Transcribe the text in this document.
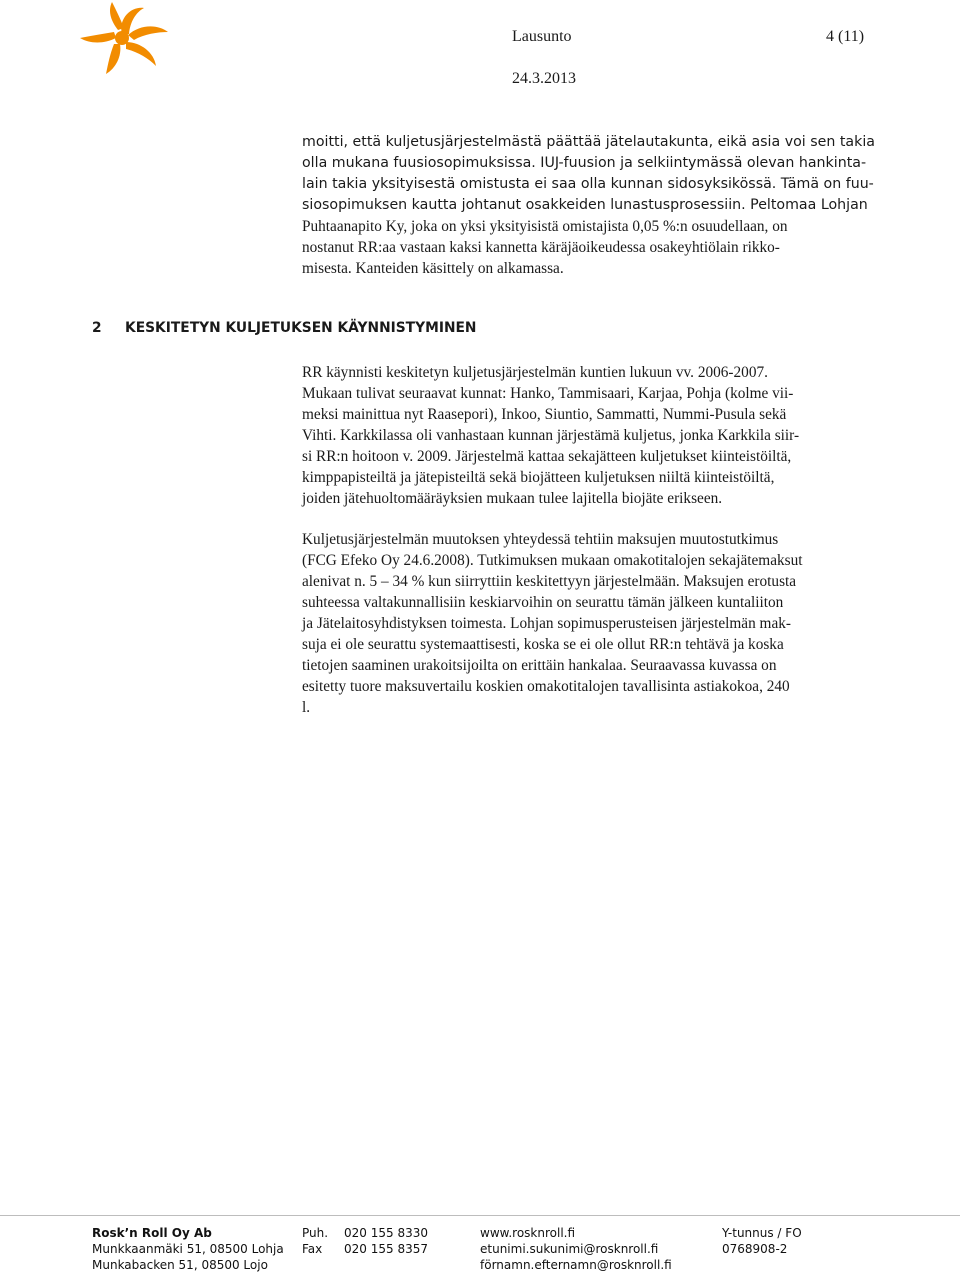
Lausunto	4 (11)
24.3.2013
moitti, että kuljetusjärjestelmästä päättää jätelautakunta, eikä asia voi sen takia
olla mukana fuusiosopimuksissa. IUJ-fuusion ja selkiintymässä olevan hankinta-
lain takia yksityisestä omistusta ei saa olla kunnan sidosyksikössä. Tämä on fuu-
siosopimuksen kautta johtanut osakkeiden lunastusprosessiin. Peltomaa Lohjan
Puhtaanapito Ky, joka on yksi yksityisistä omistajista 0,05 %:n osuudellaan, on
nostanut RR:aa vastaan kaksi kannetta käräjäoikeudessa osakeyhtiölain rikko-
misesta. Kanteiden käsittely on alkamassa.
2 KESKITETYN KULJETUKSEN KÄYNNISTYMINEN
RR käynnisti keskitetyn kuljetusjärjestelmän kuntien lukuun vv. 2006-2007.
Mukaan tulivat seuraavat kunnat: Hanko, Tammisaari, Karjaa, Pohja (kolme vii-
meksi mainittua nyt Raasepori), Inkoo, Siuntio, Sammatti, Nummi-Pusula sekä
Vihti. Karkkilassa oli vanhastaan kunnan järjestämä kuljetus, jonka Karkkila siir-
si RR:n hoitoon v. 2009. Järjestelmä kattaa sekajätteen kuljetukset kiinteistöiltä,
kimppapisteiltä ja jätepisteiltä sekä biojätteen kuljetuksen niiltä kiinteistöiltä,
joiden jätehuoltomääräyksien mukaan tulee lajitella biojäte erikseen.
Kuljetusjärjestelmän muutoksen yhteydessä tehtiin maksujen muutostutkimus
(FCG Efeko Oy 24.6.2008). Tutkimuksen mukaan omakotitalojen sekajätemaksut
alenivat n. 5 – 34 % kun siirryttiin keskitettyyn järjestelmään. Maksujen erotusta
suhteessa valtakunnallisiin keskiarvoihin on seurattu tämän jälkeen kuntaliiton
ja Jätelaitosyhdistyksen toimesta. Lohjan sopimusperusteisen järjestelmän mak-
suja ei ole seurattu systemaattisesti, koska se ei ole ollut RR:n tehtävä ja koska
tietojen saaminen urakoitsijoilta on erittäin hankalaa. Seuraavassa kuvassa on
esitetty tuore maksuvertailu koskien omakotitalojen tavallisinta astiakokoa, 240
l.
Rosk’n Roll Oy Ab
Munkkaanmäki 51, 08500 Lohja
Munkabacken 51, 08500 Lojo
Puh.
Fax
020 155 8330
020 155 8357
www.rosknroll.fi
etunimi.sukunimi@rosknroll.fi
förnamn.efternamn@rosknroll.fi
Y-tunnus / FO
0768908-2
